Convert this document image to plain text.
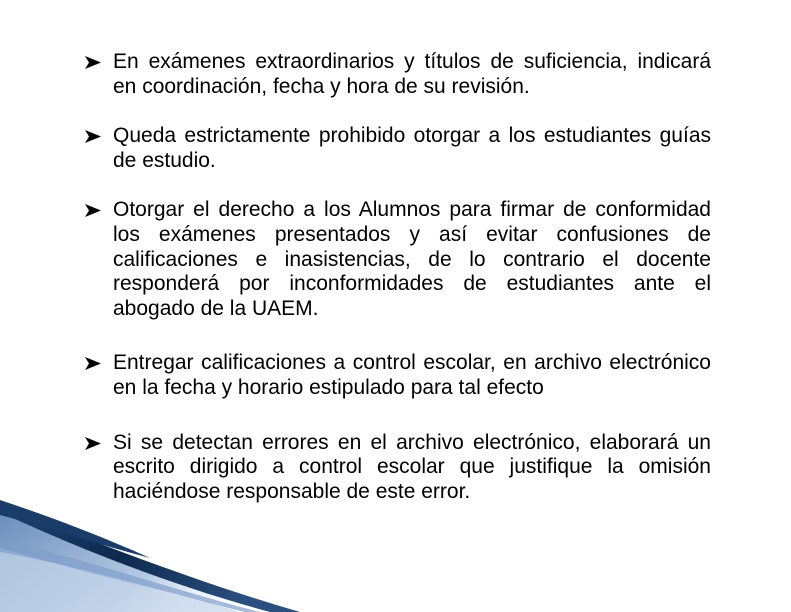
En exámenes extraordinarios y títulos de suficiencia, indicará en coordinación, fecha y hora de su revisión.
Queda estrictamente prohibido otorgar a los estudiantes guías de estudio.
Otorgar el derecho a los Alumnos para firmar de conformidad los exámenes presentados y así evitar confusiones de calificaciones e inasistencias, de lo contrario el docente responderá por inconformidades de estudiantes ante el abogado de la UAEM.
Entregar calificaciones a control escolar, en archivo electrónico en la fecha y horario estipulado para tal efecto
Si se detectan errores en el archivo electrónico, elaborará un escrito dirigido a control escolar que justifique la omisión haciéndose responsable de este error.
